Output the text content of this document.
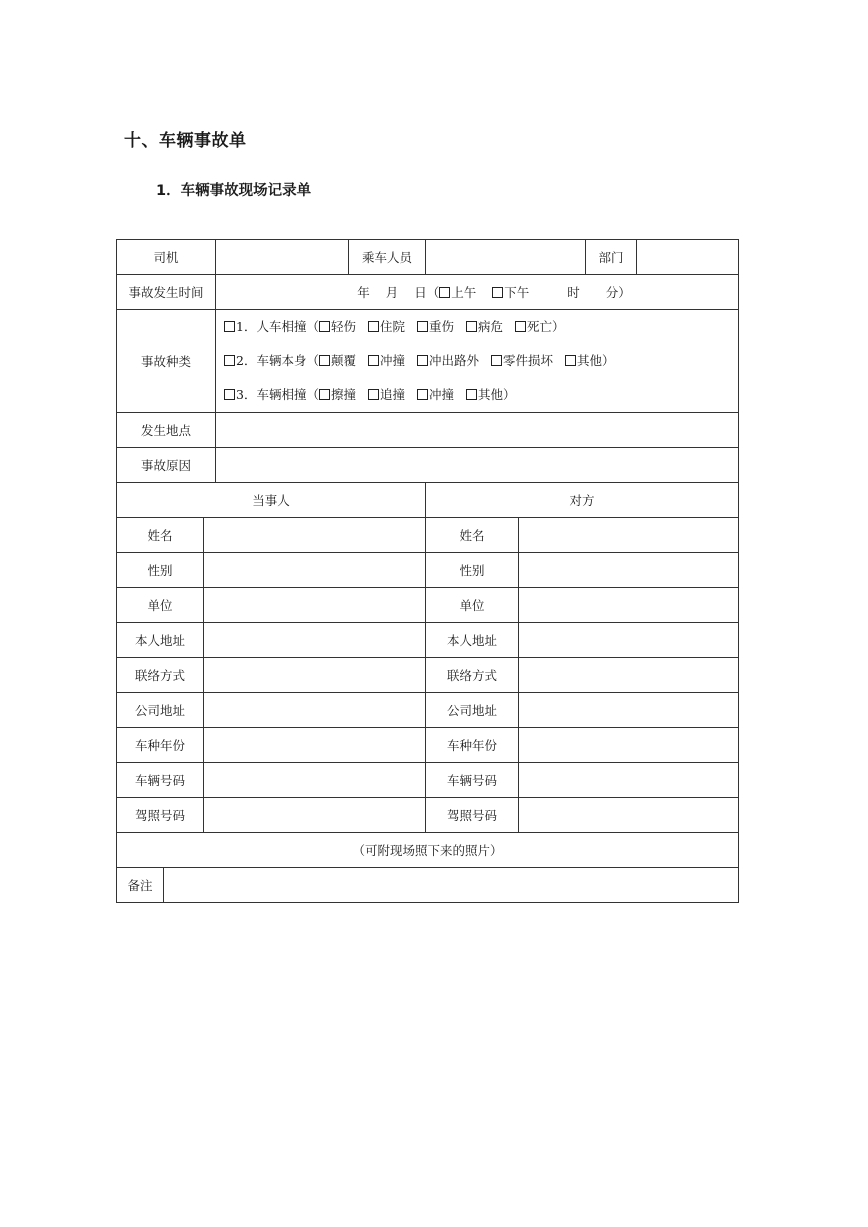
十、车辆事故单
1．车辆事故现场记录单
司机				乘车人员			部门	
事故发生时间			年 月 日（ 上午 下午 时 分）					
事故种类			1．人车相撞（ 轻伤 住院 重伤 病危 死亡）
2．车辆本身（ 颠覆 冲撞 冲出路外 零件损坏 其他）
3．车辆相撞（ 擦撞 追撞 冲撞 其他）					

发生地点								
事故原因								
当事人					对方			
姓名					姓名			
性别					性别			
单位					单位			
本人地址					本人地址			
联络方式					联络方式			
公司地址					公司地址			
车种年份					车种年份			
车辆号码					车辆号码			
驾照号码					驾照号码			
（可附现场照下来的照片）								
备注								
